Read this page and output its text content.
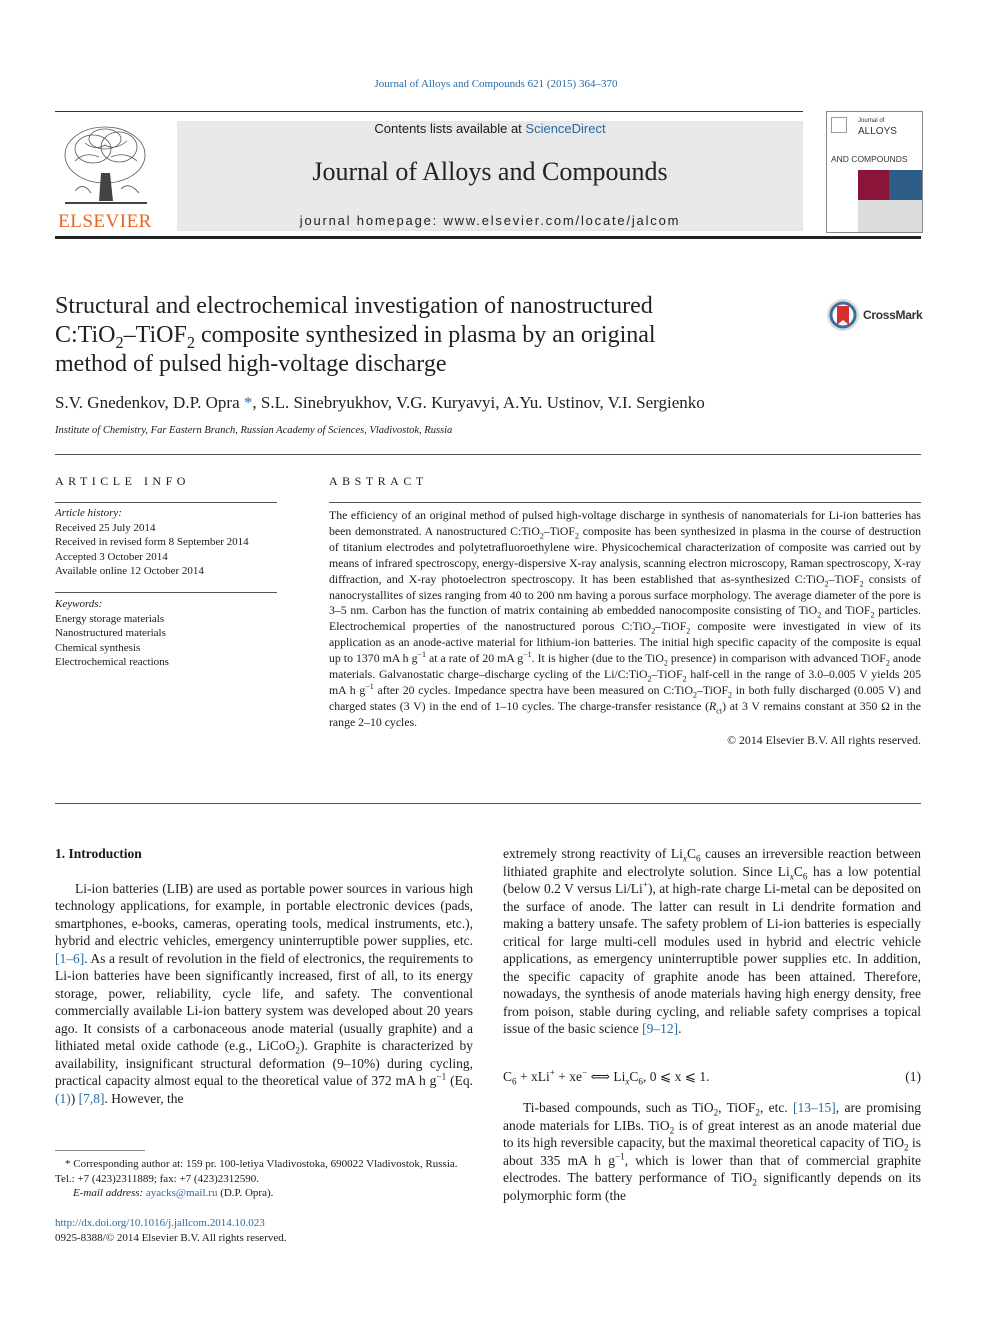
Journal of Alloys and Compounds 621 (2015) 364–370
ELSEVIER
Contents lists available at ScienceDirect
Journal of Alloys and Compounds
journal homepage: www.elsevier.com/locate/jalcom
Journal of
ALLOYS
AND COMPOUNDS
Structural and electrochemical investigation of nanostructured
C:TiO$_2$–TiOF$_2$ composite synthesized in plasma by an original
method of pulsed high-voltage discharge
CrossMark
S.V. Gnedenkov, D.P. Opra *, S.L. Sinebryukhov, V.G. Kuryavyi, A.Yu. Ustinov, V.I. Sergienko
Institute of Chemistry, Far Eastern Branch, Russian Academy of Sciences, Vladivostok, Russia
ARTICLE INFO
Article history:
Received 25 July 2014
Received in revised form 8 September 2014
Accepted 3 October 2014
Available online 12 October 2014
Keywords:
Energy storage materials
Nanostructured materials
Chemical synthesis
Electrochemical reactions
ABSTRACT
The efficiency of an original method of pulsed high-voltage discharge in synthesis of nanomaterials for Li-ion batteries has been demonstrated. A nanostructured C:TiO$_2$–TiOF$_2$ composite has been synthesized in plasma in the course of destruction of titanium electrodes and polytetrafluoroethylene wire. Physicochemical characterization of composite was carried out by means of infrared spectroscopy, energy-dispersive X-ray analysis, scanning electron microscopy, Raman spectroscopy, X-ray diffraction, and X-ray photoelectron spectroscopy. It has been established that as-synthesized C:TiO$_2$–TiOF$_2$ consists of nanocrystallites of sizes ranging from 40 to 200 nm having a porous surface morphology. The average diameter of the pore is 3–5 nm. Carbon has the function of matrix containing ab embedded nanocomposite consisting of TiO$_2$ and TiOF$_2$ particles. Electrochemical properties of the nanostructured porous C:TiO$_2$–TiOF$_2$ composite were investigated in view of its application as an anode-active material for lithium-ion batteries. The initial high specific capacity of the composite is equal up to 1370 mA h $g^{-1}$ at a rate of 20 mA $g^{-1}$. It is higher (due to the TiO$_2$ presence) in comparison with advanced TiOF$_2$ anode materials. Galvanostatic charge–discharge cycling of the Li/C:TiO$_2$–TiOF$_2$ half-cell in the range of 3.0–0.005 V yields 205 mA h $g^{-1}$ after 20 cycles. Impedance spectra have been measured on C:TiO$_2$–TiOF$_2$ in both fully discharged (0.005 V) and charged states (3 V) in the end of 1–10 cycles. The charge-transfer resistance $(R_{ct})$ at 3 V remains constant at 350 Ω in the range 2–10 cycles.
© 2014 Elsevier B.V. All rights reserved.
1. Introduction

Li-ion batteries (LIB) are used as portable power sources in various high technology applications, for example, in portable electronic devices (pads, smartphones, e-books, cameras, operating tools, medical instruments, etc.), hybrid and electric vehicles, emergency uninterruptible power supplies, etc. [1–6]. As a result of revolution in the field of electronics, the requirements to Li-ion batteries have been significantly increased, first of all, to its energy storage, power, reliability, cycle life, and safety. The conventional commercially available Li-ion battery system was developed about 20 years ago. It consists of a carbonaceous anode material (usually graphite) and a lithiated metal oxide cathode (e.g., LiCoO$_2$). Graphite is characterized by availability, insignificant structural deformation (9–10%) during cycling, practical capacity almost equal to the theoretical value of 372 mA h $g^{-1}$ (Eq. (1)) [7,8]. However, the

extremely strong reactivity of $Li_xC_6$ causes an irreversible reaction between lithiated graphite and electrolyte solution. Since $Li_xC_6$ has a low potential (below 0.2 V versus Li/Li+), at high-rate charge Li-metal can be deposited on the surface of anode. The latter can result in Li dendrite formation and making a battery unsafe. The safety problem of Li-ion batteries is especially critical for large multi-cell modules used in hybrid and electric vehicle applications, as emergency uninterruptible power supplies etc. In addition, the specific capacity of graphite anode has been attained. Therefore, nowadays, the synthesis of anode materials having high energy density, free from poison, stable during cycling, and reliable safety comprises a topical issue of the basic science [9–12].

$C_6 + xLi^+ + xe^-$ ⟺ $Li_xC_6$, 0 ⩽ x ⩽ 1.	(1)

Ti-based compounds, such as TiO$_2$, TiOF$_2$, etc. [13–15], are promising anode materials for LIBs. TiO$_2$ is of great interest as an anode material due to its high reversible capacity, but the maximal theoretical capacity of TiO$_2$ is about 335 mA h $g^{-1}$, which is lower than that of commercial graphite electrodes. The battery performance of TiO$_2$ significantly depends on its polymorphic form (the

* Corresponding author at: 159 pr. 100-letiya Vladivostoka, 690022 Vladivostok, Russia. Tel.: +7 (423)2311889; fax: +7 (423)2312590.
E-mail address: ayacks@mail.ru (D.P. Opra).
http://dx.doi.org/10.1016/j.jallcom.2014.10.023
0925-8388/© 2014 Elsevier B.V. All rights reserved.
